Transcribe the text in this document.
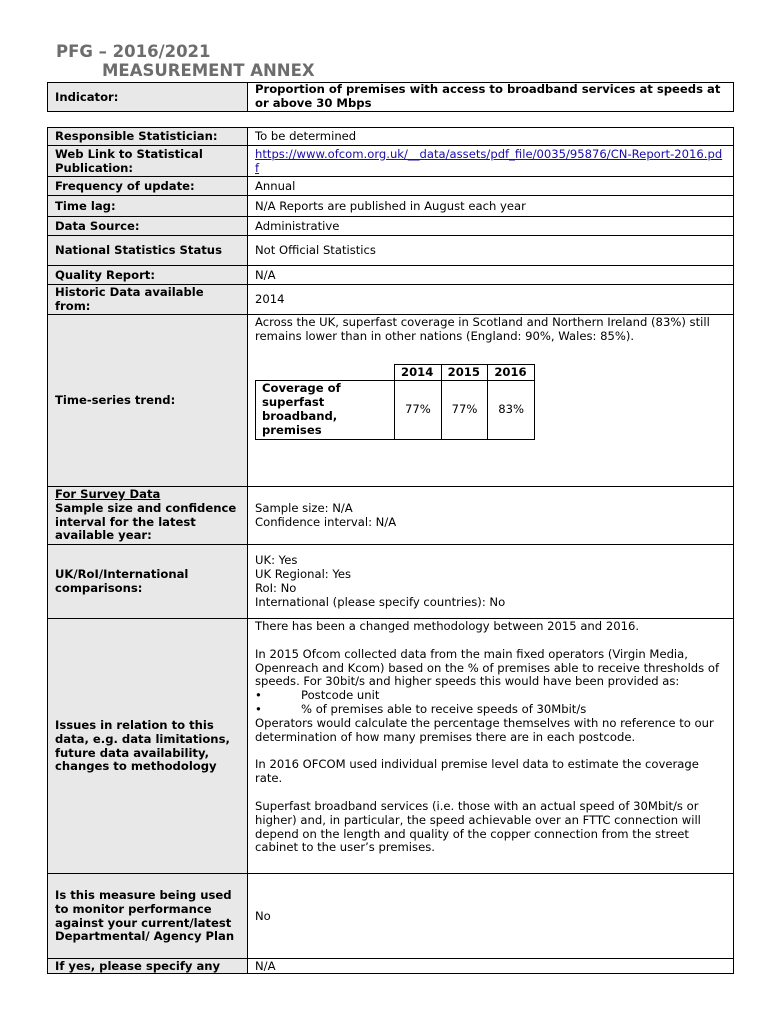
PFG – 2016/2021
MEASUREMENT ANNEX
Indicator:	Proportion of premises with access to broadband services at speeds at or above 30 Mbps
Responsible Statistician:	To be determined
Web Link to Statistical Publication:	https://www.ofcom.org.uk/__data/assets/pdf_file/0035/95876/CN-Report-2016.pdf
Frequency of update:	Annual
Time lag:	N/A Reports are published in August each year
Data Source:	Administrative
National Statistics Status	Not Official Statistics
Quality Report:	N/A
Historic Data available from:	2014
Time-series trend:	

Across the UK, superfast coverage in Scotland and Northern Ireland (83%) still remains lower than in other nations (England: 90%, Wales: 85%).

	2014	2015	2016
Coverage of superfast broadband, premises	77%	77%	83%

For Survey Data
Sample size and confidence interval for the latest available year:	
Sample size: N/A
Confidence interval: N/A

UK/RoI/International comparisons:	
UK: Yes
UK Regional: Yes
RoI: No
International (please specify countries): No

Issues in relation to this data, e.g. data limitations, future data availability, changes to methodology	

There has been a changed methodology between 2015 and 2016.

In 2015 Ofcom collected data from the main fixed operators (Virgin Media, Openreach and Kcom) based on the % of premises able to receive thresholds of speeds. For 30bit/s and higher speeds this would have been provided as:

•	Postcode unit
•	% of premises able to receive speeds of 30Mbit/s

Operators would calculate the percentage themselves with no reference to our determination of how many premises there are in each postcode.

In 2016 OFCOM used individual premise level data to estimate the coverage rate.

Superfast broadband services (i.e. those with an actual speed of 30Mbit/s or higher) and, in particular, the speed achievable over an FTTC connection will depend on the length and quality of the copper connection from the street cabinet to the user’s premises.

Is this measure being used to monitor performance against your current/latest Departmental/ Agency Plan	No
If yes, please specify any	N/A
